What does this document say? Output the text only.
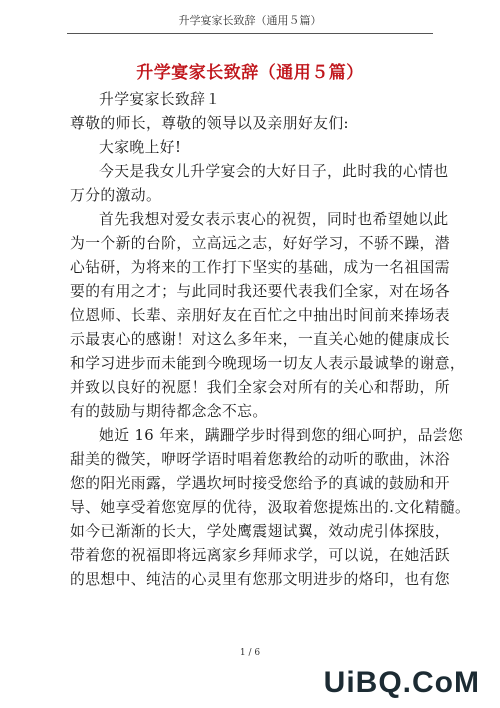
升学宴家长致辞（通用５篇）
升学宴家长致辞（通用５篇）
升学宴家长致辞１
尊敬的师长，尊敬的领导以及亲朋好友们:
大家晚上好!
今天是我女儿升学宴会的大好日子，此时我的心情也
万分的激动。
首先我想对爱女表示衷心的祝贺，同时也希望她以此
为一个新的台阶，立高远之志，好好学习，不骄不躁，潜
心钻研，为将来的工作打下坚实的基础，成为一名祖国需
要的有用之才；与此同时我还要代表我们全家，对在场各
位恩师、长辈、亲朋好友在百忙之中抽出时间前来捧场表
示最衷心的感谢！对这么多年来，一直关心她的健康成长
和学习进步而未能到今晚现场一切友人表示最诚挚的谢意，
并致以良好的祝愿！我们全家会对所有的关心和帮助，所
有的鼓励与期待都念念不忘。
她近 16 年来，蹒跚学步时得到您的细心呵护，品尝您
甜美的微笑，咿呀学语时唱着您教给的动听的歌曲，沐浴
您的阳光雨露，学遇坎坷时接受您给予的真诚的鼓励和开
导、她享受着您宽厚的优待，汲取着您提炼出的.文化精髓。
如今已渐渐的长大，学处鹰震翅试翼，效动虎引体探肢，
带着您的祝福即将远离家乡拜师求学，可以说，在她活跃
的思想中、纯洁的心灵里有您那文明进步的烙印，也有您
1 / 6
UiBQ.CoM
